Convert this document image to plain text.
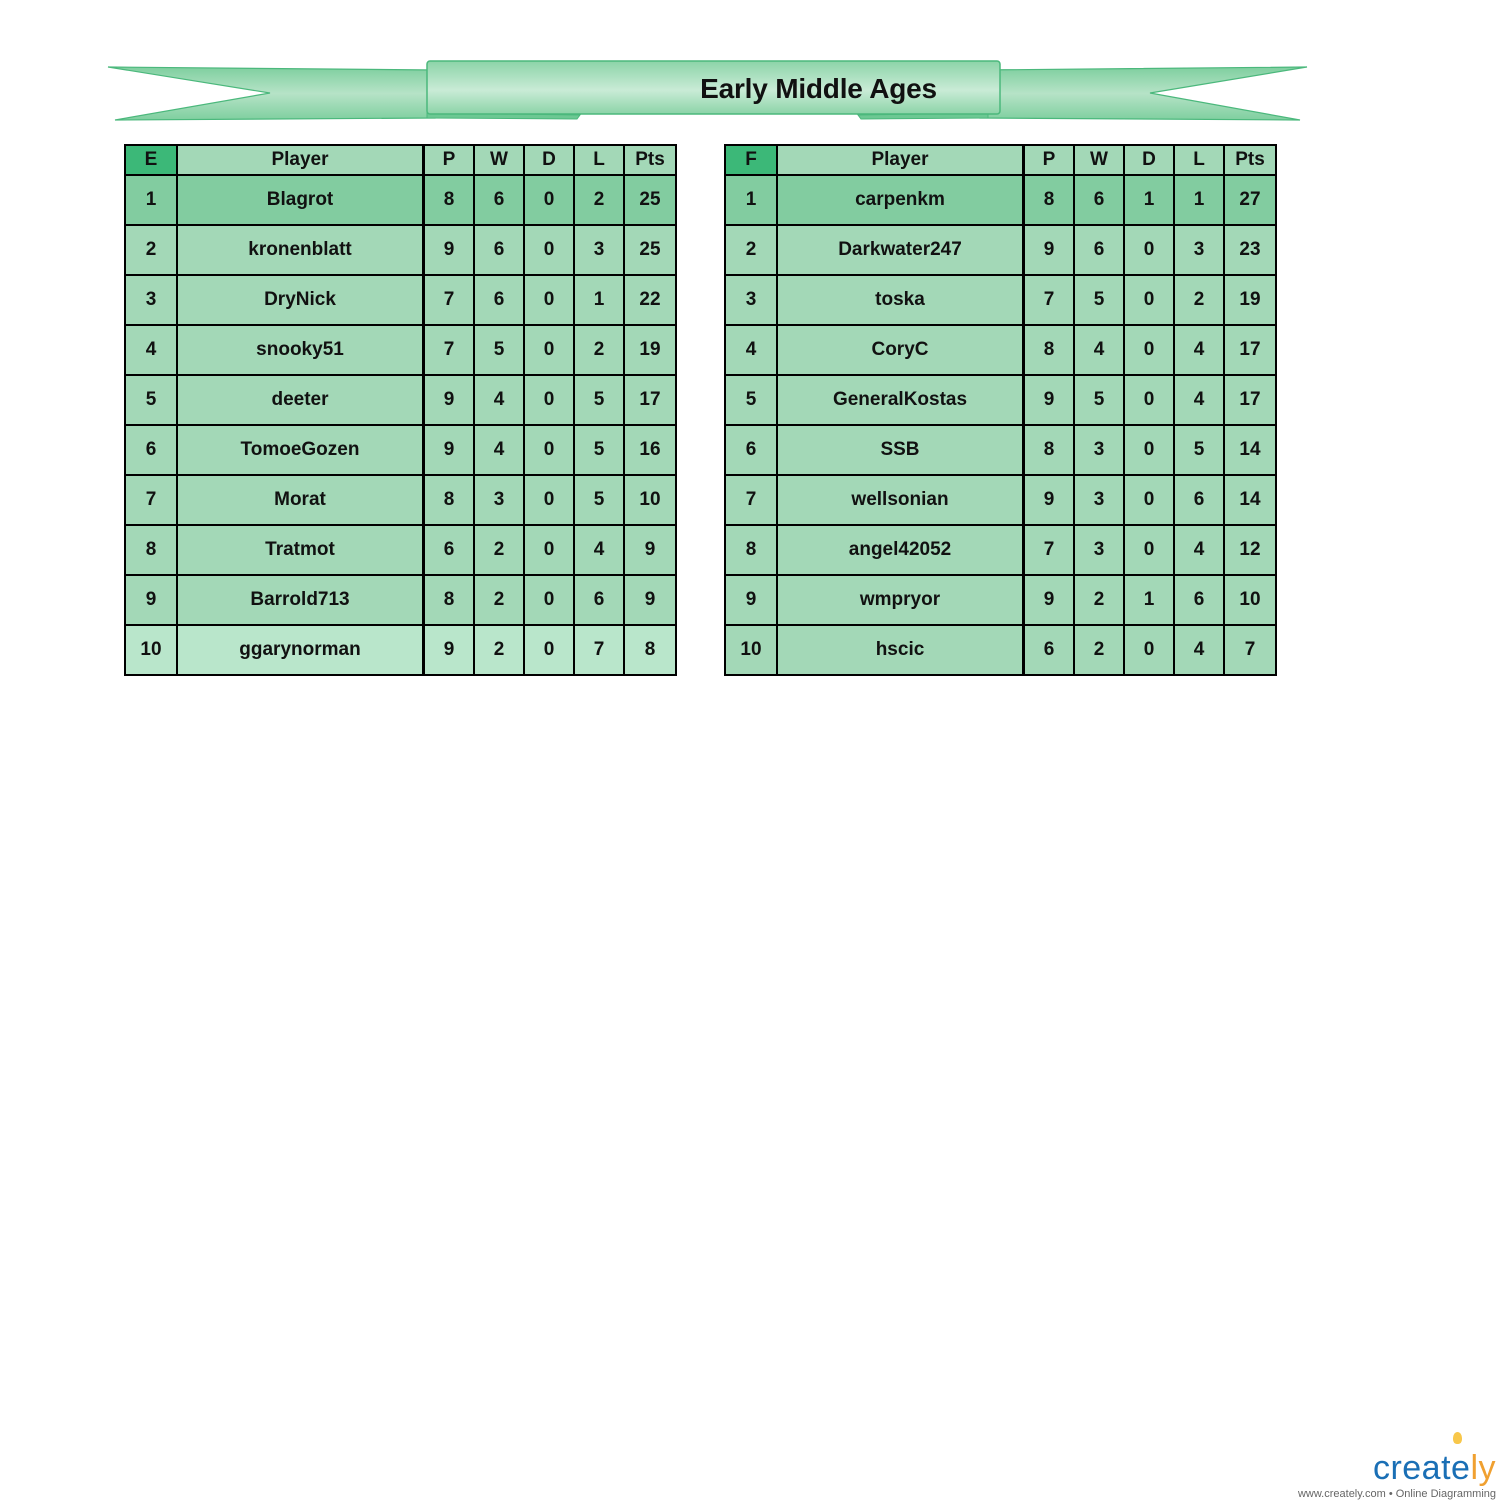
Early Middle Ages
E	Player	P	W	D	L	Pts
1	Blagrot	8	6	0	2	25
2	kronenblatt	9	6	0	3	25
3	DryNick	7	6	0	1	22
4	snooky51	7	5	0	2	19
5	deeter	9	4	0	5	17
6	TomoeGozen	9	4	0	5	16
7	Morat	8	3	0	5	10
8	Tratmot	6	2	0	4	9
9	Barrold713	8	2	0	6	9
10	ggarynorman	9	2	0	7	8
F	Player	P	W	D	L	Pts
1	carpenkm	8	6	1	1	27
2	Darkwater247	9	6	0	3	23
3	toska	7	5	0	2	19
4	CoryC	8	4	0	4	17
5	GeneralKostas	9	5	0	4	17
6	SSB	8	3	0	5	14
7	wellsonian	9	3	0	6	14
8	angel42052	7	3	0	4	12
9	wmpryor	9	2	1	6	10
10	hscic	6	2	0	4	7
creately
www.creately.com • Online Diagramming
